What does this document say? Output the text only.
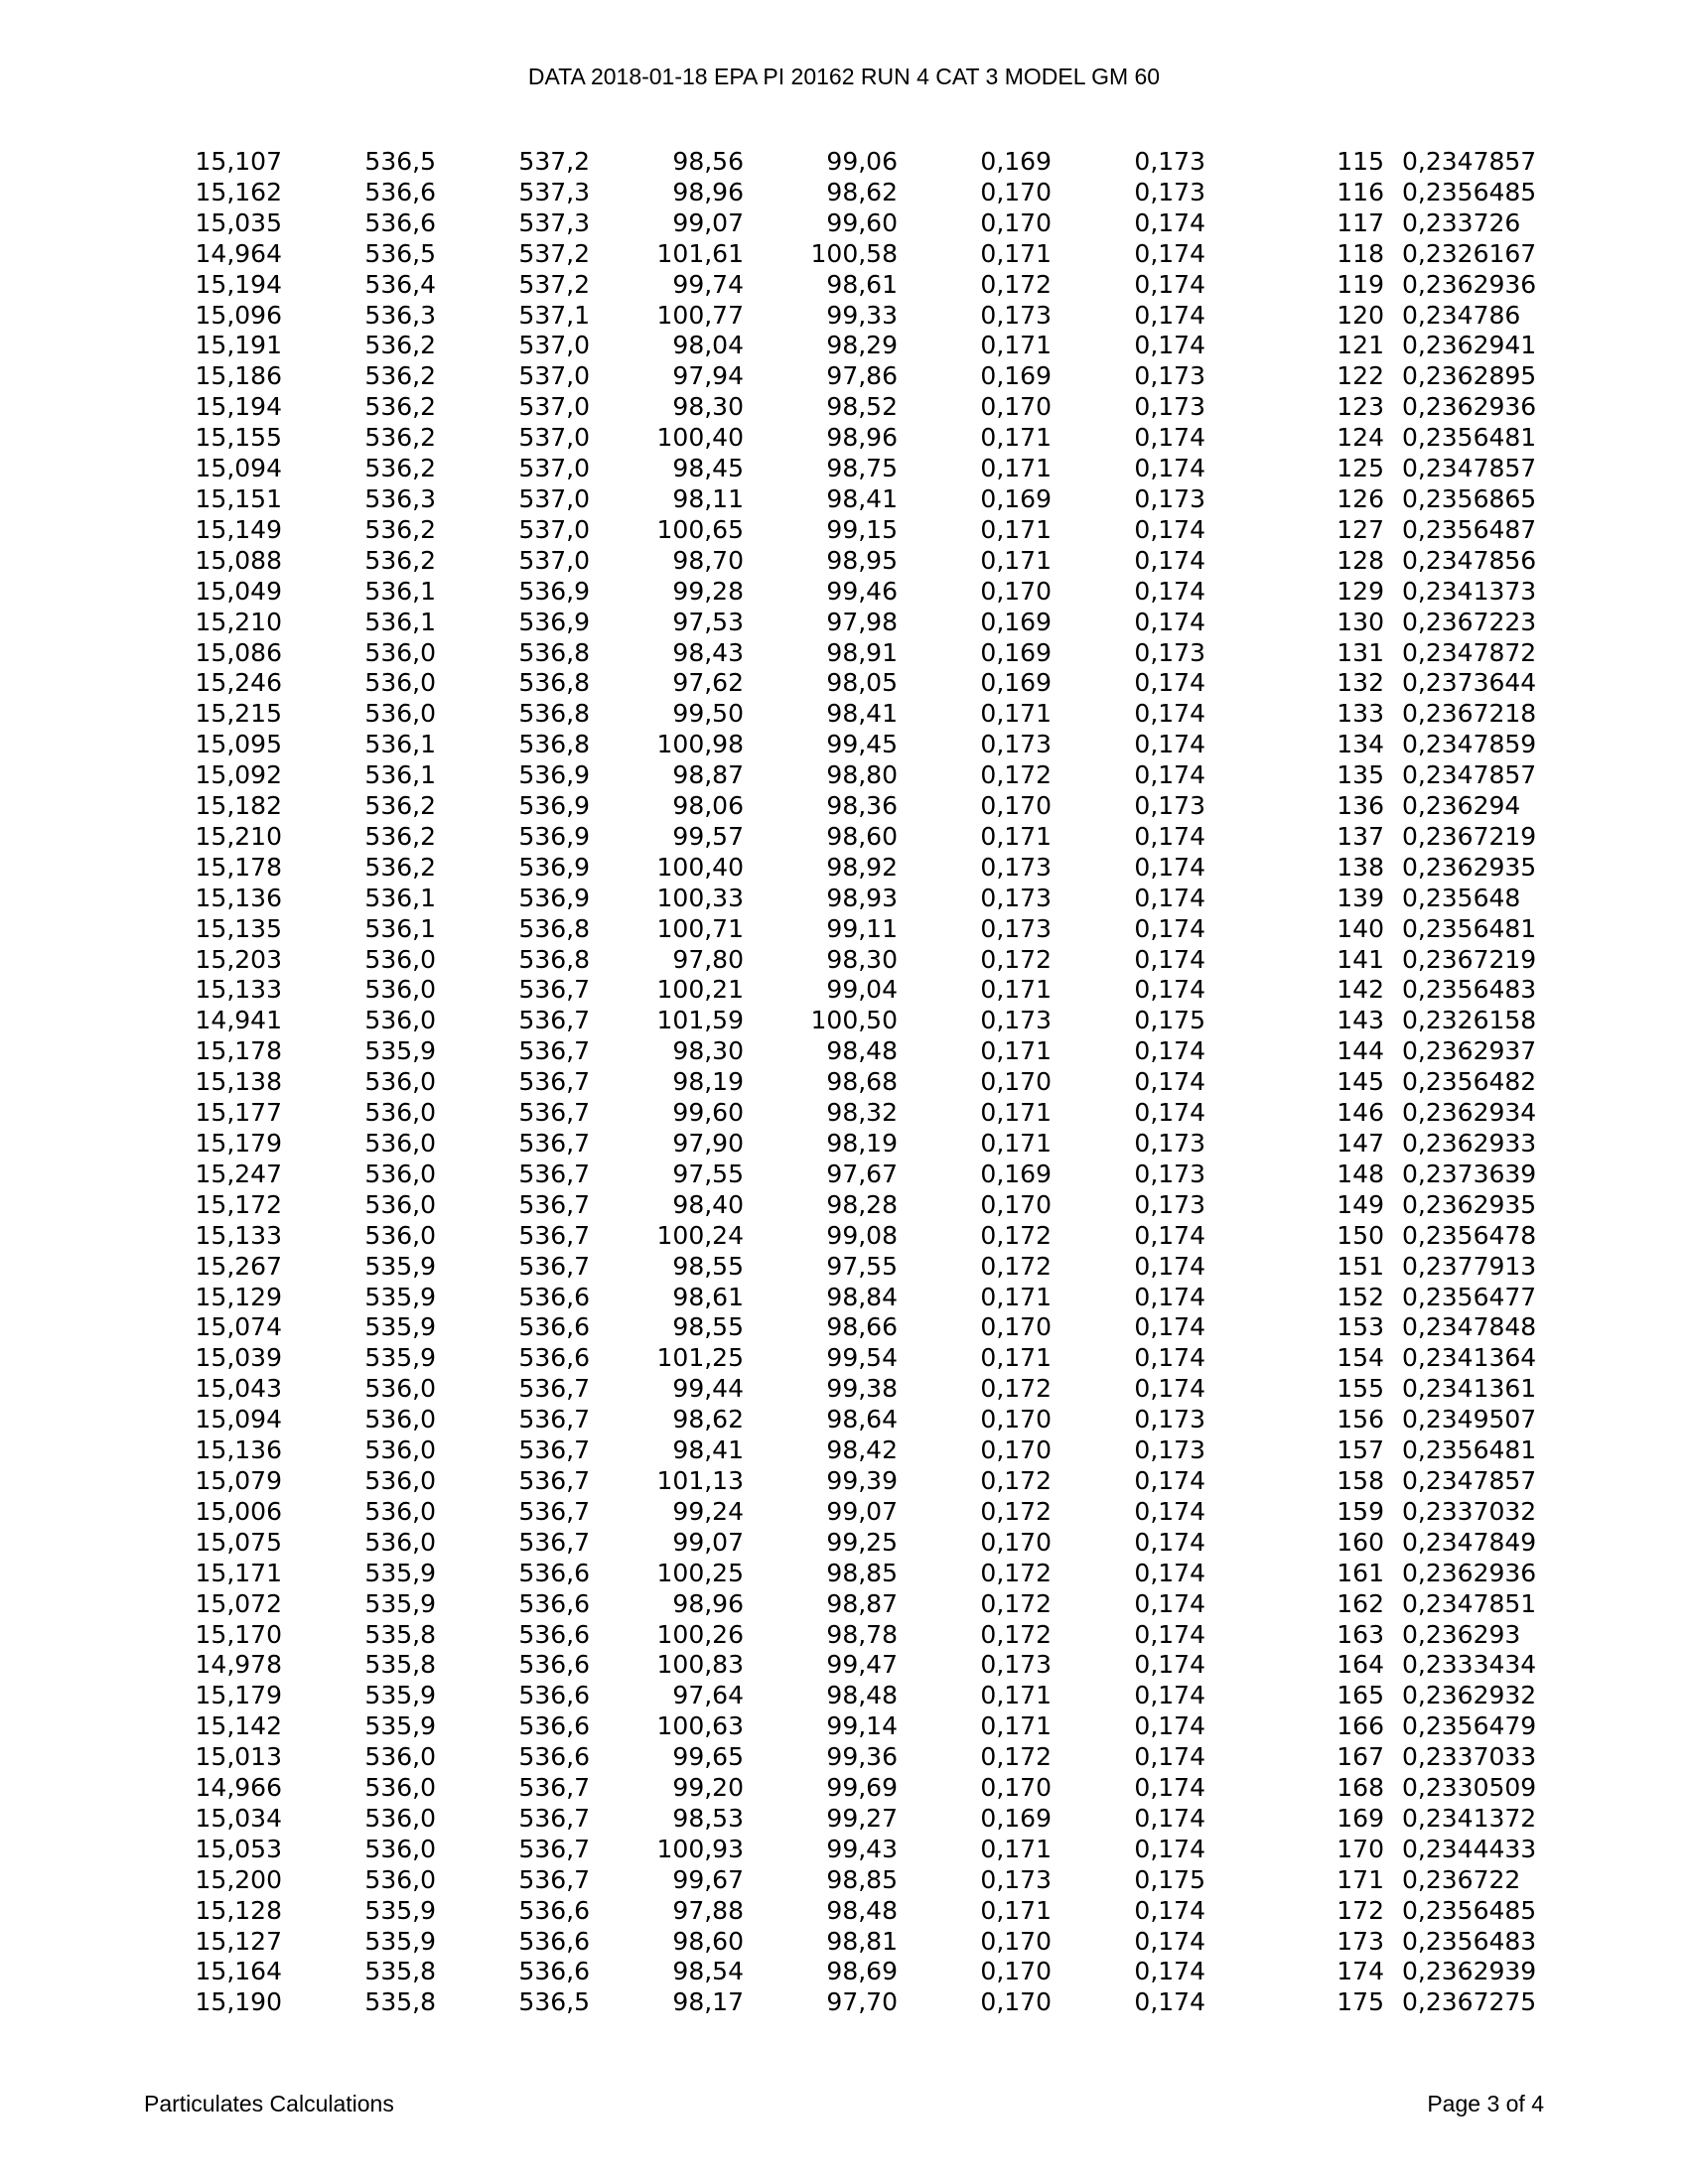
DATA 2018-01-18 EPA PI 20162 RUN 4 CAT 3 MODEL GM 60
15,107	536,5	537,2	98,56	99,06	0,169	0,173	115	0,2347857
15,162	536,6	537,3	98,96	98,62	0,170	0,173	116	0,2356485
15,035	536,6	537,3	99,07	99,60	0,170	0,174	117	0,233726
14,964	536,5	537,2	101,61	100,58	0,171	0,174	118	0,2326167
15,194	536,4	537,2	99,74	98,61	0,172	0,174	119	0,2362936
15,096	536,3	537,1	100,77	99,33	0,173	0,174	120	0,234786
15,191	536,2	537,0	98,04	98,29	0,171	0,174	121	0,2362941
15,186	536,2	537,0	97,94	97,86	0,169	0,173	122	0,2362895
15,194	536,2	537,0	98,30	98,52	0,170	0,173	123	0,2362936
15,155	536,2	537,0	100,40	98,96	0,171	0,174	124	0,2356481
15,094	536,2	537,0	98,45	98,75	0,171	0,174	125	0,2347857
15,151	536,3	537,0	98,11	98,41	0,169	0,173	126	0,2356865
15,149	536,2	537,0	100,65	99,15	0,171	0,174	127	0,2356487
15,088	536,2	537,0	98,70	98,95	0,171	0,174	128	0,2347856
15,049	536,1	536,9	99,28	99,46	0,170	0,174	129	0,2341373
15,210	536,1	536,9	97,53	97,98	0,169	0,174	130	0,2367223
15,086	536,0	536,8	98,43	98,91	0,169	0,173	131	0,2347872
15,246	536,0	536,8	97,62	98,05	0,169	0,174	132	0,2373644
15,215	536,0	536,8	99,50	98,41	0,171	0,174	133	0,2367218
15,095	536,1	536,8	100,98	99,45	0,173	0,174	134	0,2347859
15,092	536,1	536,9	98,87	98,80	0,172	0,174	135	0,2347857
15,182	536,2	536,9	98,06	98,36	0,170	0,173	136	0,236294
15,210	536,2	536,9	99,57	98,60	0,171	0,174	137	0,2367219
15,178	536,2	536,9	100,40	98,92	0,173	0,174	138	0,2362935
15,136	536,1	536,9	100,33	98,93	0,173	0,174	139	0,235648
15,135	536,1	536,8	100,71	99,11	0,173	0,174	140	0,2356481
15,203	536,0	536,8	97,80	98,30	0,172	0,174	141	0,2367219
15,133	536,0	536,7	100,21	99,04	0,171	0,174	142	0,2356483
14,941	536,0	536,7	101,59	100,50	0,173	0,175	143	0,2326158
15,178	535,9	536,7	98,30	98,48	0,171	0,174	144	0,2362937
15,138	536,0	536,7	98,19	98,68	0,170	0,174	145	0,2356482
15,177	536,0	536,7	99,60	98,32	0,171	0,174	146	0,2362934
15,179	536,0	536,7	97,90	98,19	0,171	0,173	147	0,2362933
15,247	536,0	536,7	97,55	97,67	0,169	0,173	148	0,2373639
15,172	536,0	536,7	98,40	98,28	0,170	0,173	149	0,2362935
15,133	536,0	536,7	100,24	99,08	0,172	0,174	150	0,2356478
15,267	535,9	536,7	98,55	97,55	0,172	0,174	151	0,2377913
15,129	535,9	536,6	98,61	98,84	0,171	0,174	152	0,2356477
15,074	535,9	536,6	98,55	98,66	0,170	0,174	153	0,2347848
15,039	535,9	536,6	101,25	99,54	0,171	0,174	154	0,2341364
15,043	536,0	536,7	99,44	99,38	0,172	0,174	155	0,2341361
15,094	536,0	536,7	98,62	98,64	0,170	0,173	156	0,2349507
15,136	536,0	536,7	98,41	98,42	0,170	0,173	157	0,2356481
15,079	536,0	536,7	101,13	99,39	0,172	0,174	158	0,2347857
15,006	536,0	536,7	99,24	99,07	0,172	0,174	159	0,2337032
15,075	536,0	536,7	99,07	99,25	0,170	0,174	160	0,2347849
15,171	535,9	536,6	100,25	98,85	0,172	0,174	161	0,2362936
15,072	535,9	536,6	98,96	98,87	0,172	0,174	162	0,2347851
15,170	535,8	536,6	100,26	98,78	0,172	0,174	163	0,236293
14,978	535,8	536,6	100,83	99,47	0,173	0,174	164	0,2333434
15,179	535,9	536,6	97,64	98,48	0,171	0,174	165	0,2362932
15,142	535,9	536,6	100,63	99,14	0,171	0,174	166	0,2356479
15,013	536,0	536,6	99,65	99,36	0,172	0,174	167	0,2337033
14,966	536,0	536,7	99,20	99,69	0,170	0,174	168	0,2330509
15,034	536,0	536,7	98,53	99,27	0,169	0,174	169	0,2341372
15,053	536,0	536,7	100,93	99,43	0,171	0,174	170	0,2344433
15,200	536,0	536,7	99,67	98,85	0,173	0,175	171	0,236722
15,128	535,9	536,6	97,88	98,48	0,171	0,174	172	0,2356485
15,127	535,9	536,6	98,60	98,81	0,170	0,174	173	0,2356483
15,164	535,8	536,6	98,54	98,69	0,170	0,174	174	0,2362939
15,190	535,8	536,5	98,17	97,70	0,170	0,174	175	0,2367275
Particulates Calculations	Page 3 of 4
